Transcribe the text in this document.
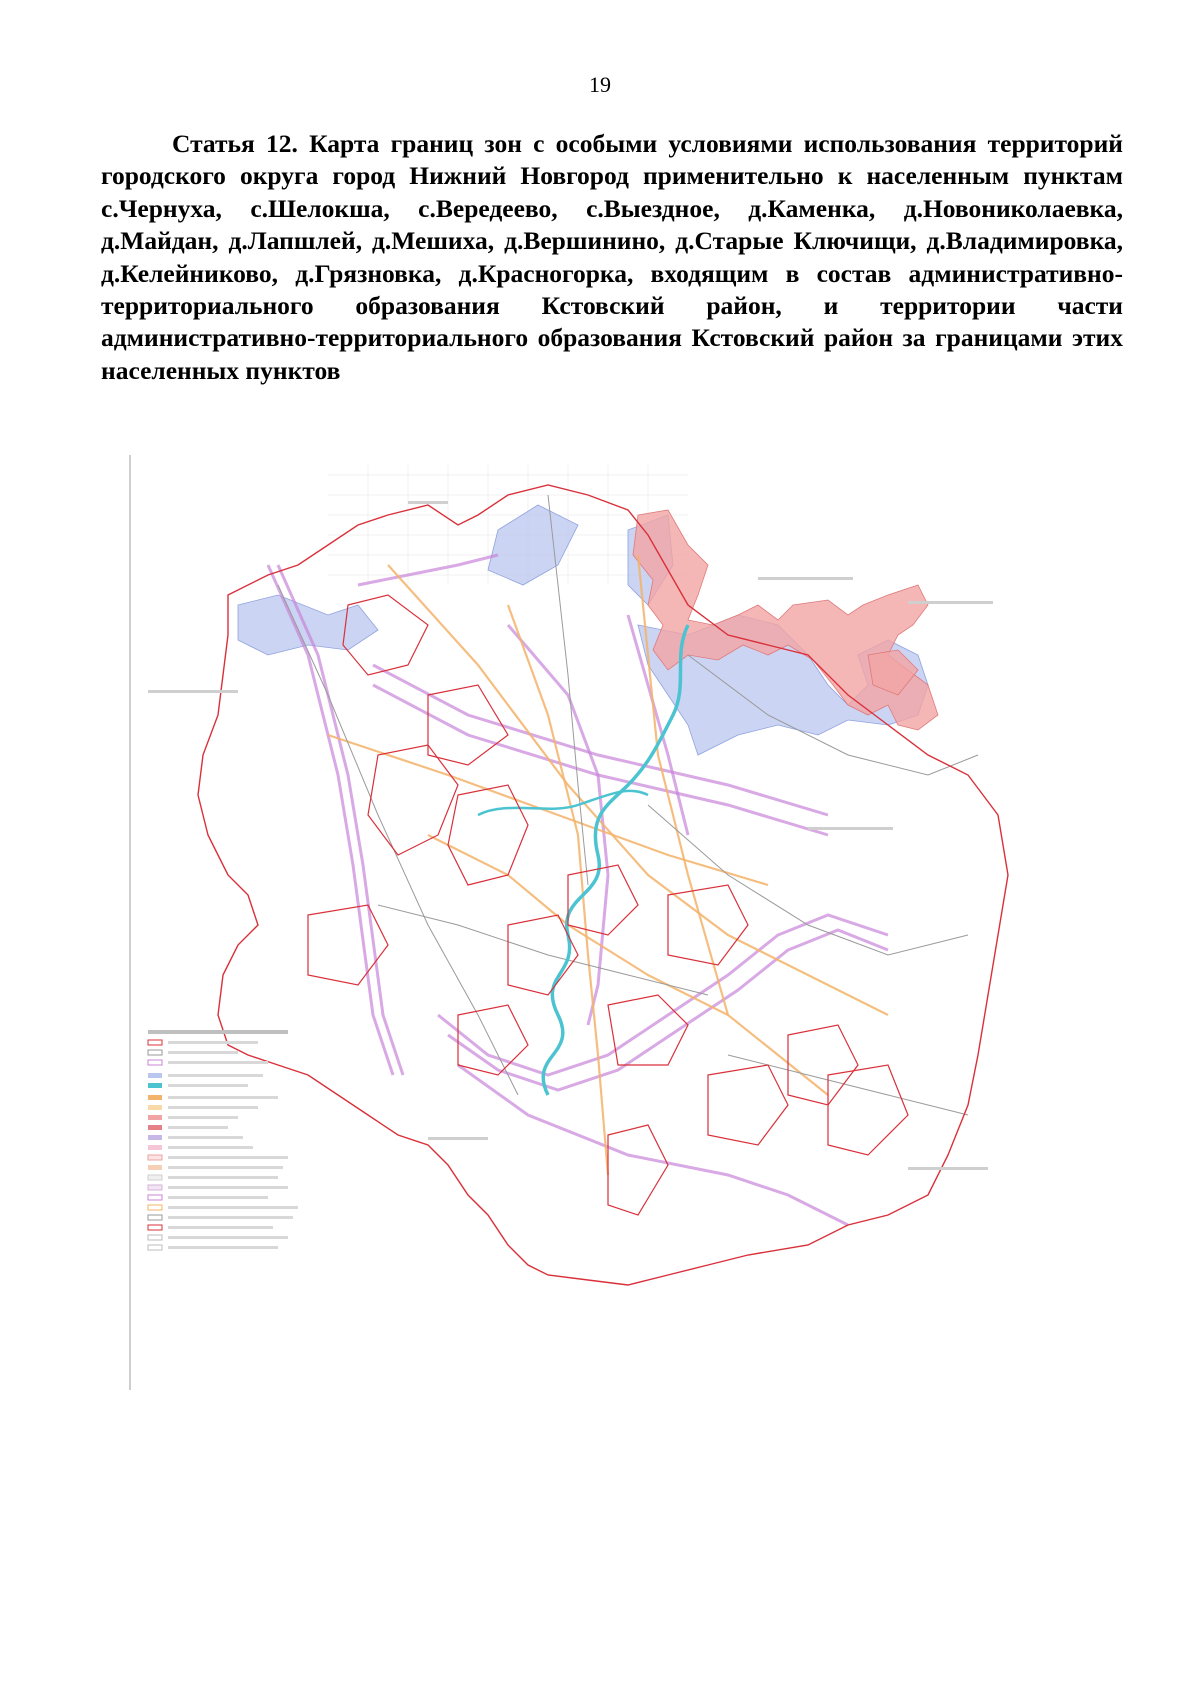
19
Статья 12. Карта границ зон с особыми условиями использования территорий городского округа город Нижний Новгород применительно к населенным пунктам с.Чернуха, с.Шелокша, с.Вередеево, с.Выездное, д.Каменка, д.Новониколаевка, д.Майдан, д.Лапшлей, д.Мешиха, д.Вершинино, д.Старые Ключищи, д.Владимировка, д.Келейниково, д.Грязновка, д.Красногорка, входящим в состав административно-территориального образования Кстовский район, и территории части административно-территориального образования Кстовский район за границами этих населенных пунктов
